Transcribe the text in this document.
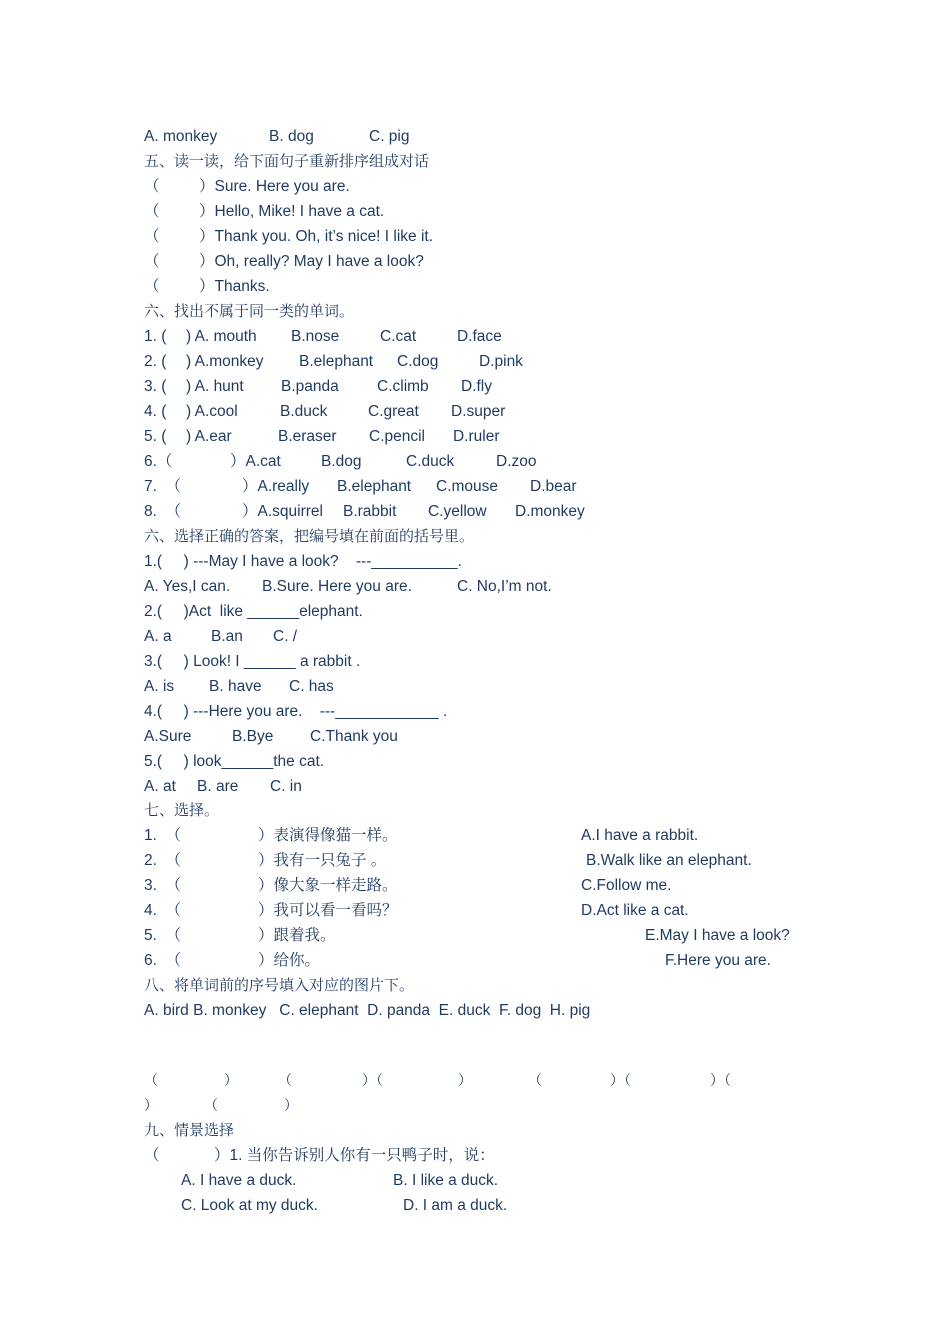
A. monkey	B. dog	C. pig
五、读一读，给下面句子重新排序组成对话
（	）Sure. Here you are.
（	）Hello, Mike! I have a cat.
（	）Thank you. Oh, it’s nice! I like it.
（	）Oh, really? May I have a look?
（	）Thanks.
六、找出不属于同一类的单词。
1. ( ) A. mouth B.nose	C.cat	D.face
2. ( ) A.monkey B.elephant C.dog	D.pink
3. ( ) A. hunt B.panda C.climb D.fly
4. ( ) A.cool	B.duck	C.great D.super
5. ( ) A.ear	B.eraser C.pencil D.ruler
6.（	）A.cat	B.dog	C.duck	D.zoo
7.  （	）A.really B.elephant C.mouse D.bear
8.  （	）A.squirrel B.rabbit C.yellow D.monkey
六、选择正确的答案，把编号填在前面的括号里。
1.(     ) ---May I have a look?    ---__________.
A. Yes,I can. B.Sure. Here you are.	C. No,I’m not.
2.(     )Act  like ______elephant.
A. a	B.an C. /
3.(     ) Look! I ______ a rabbit .
A. is B. have C. has
4.(     ) ---Here you are.    ---____________ .
A.Sure	B.Bye C.Thank you
5.(     ) look______the cat.
A. at B. are C. in
七、选择。
1.  （	）表演得像猫一样。	A.I have a rabbit.
2.  （	）我有一只兔子 。	B.Walk like an elephant.
3.  （	）像大象一样走路。	C.Follow me.
4.  （	）我可以看一看吗？	D.Act like a cat.
5.  （	）跟着我。	E.May I have a look?
6.  （	）给你。	F.Here you are.
八、将单词前的序号填入对应的图片下。
A. bird B. monkey   C. elephant  D. panda  E. duck  F. dog  H. pig
（	）	（	）（	）	（	）（	）（
）	（	）
九、情景选择
（	）1. 当你告诉别人你有一只鸭子时，说：
A. I have a duck.	B. I like a duck.
C. Look at my duck.	D. I am a duck.
